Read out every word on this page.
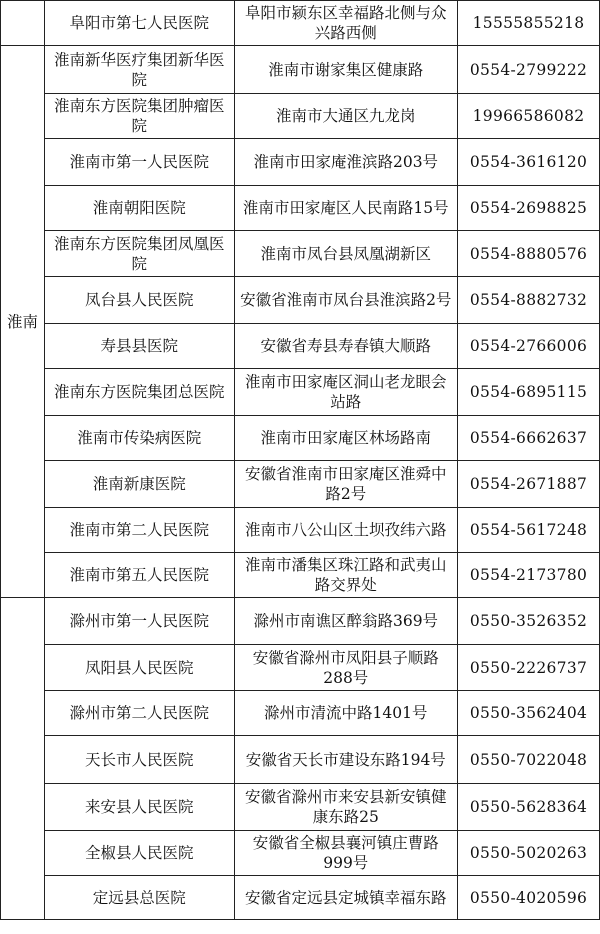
	阜阳市第七人民医院	阜阳市颍东区幸福路北侧与众兴路西侧	15555855218
淮南	淮南新华医疗集团新华医院	淮南市谢家集区健康路	0554-2799222
	淮南东方医院集团肿瘤医院	淮南市大通区九龙岗	19966586082
	淮南市第一人民医院	淮南市田家庵淮滨路203号	0554-3616120
	淮南朝阳医院	淮南市田家庵区人民南路15号	0554-2698825
	淮南东方医院集团凤凰医院	淮南市凤台县凤凰湖新区	0554-8880576
	凤台县人民医院	安徽省淮南市凤台县淮滨路2号	0554-8882732
	寿县县医院	安徽省寿县寿春镇大顺路	0554-2766006
	淮南东方医院集团总医院	淮南市田家庵区洞山老龙眼会站路	0554-6895115
	淮南市传染病医院	淮南市田家庵区林场路南	0554-6662637
	淮南新康医院	安徽省淮南市田家庵区淮舜中路2号	0554-2671887
	淮南市第二人民医院	淮南市八公山区土坝孜纬六路	0554-5617248
	淮南市第五人民医院	淮南市潘集区珠江路和武夷山路交界处	0554-2173780
	滁州市第一人民医院	滁州市南谯区醉翁路369号	0550-3526352
	凤阳县人民医院	安徽省滁州市凤阳县子顺路288号	0550-2226737
	滁州市第二人民医院	滁州市清流中路1401号	0550-3562404
	天长市人民医院	安徽省天长市建设东路194号	0550-7022048
	来安县人民医院	安徽省滁州市来安县新安镇健康东路25	0550-5628364
	全椒县人民医院	安徽省全椒县襄河镇庄曹路999号	0550-5020263
	定远县总医院	安徽省定远县定城镇幸福东路	0550-4020596
